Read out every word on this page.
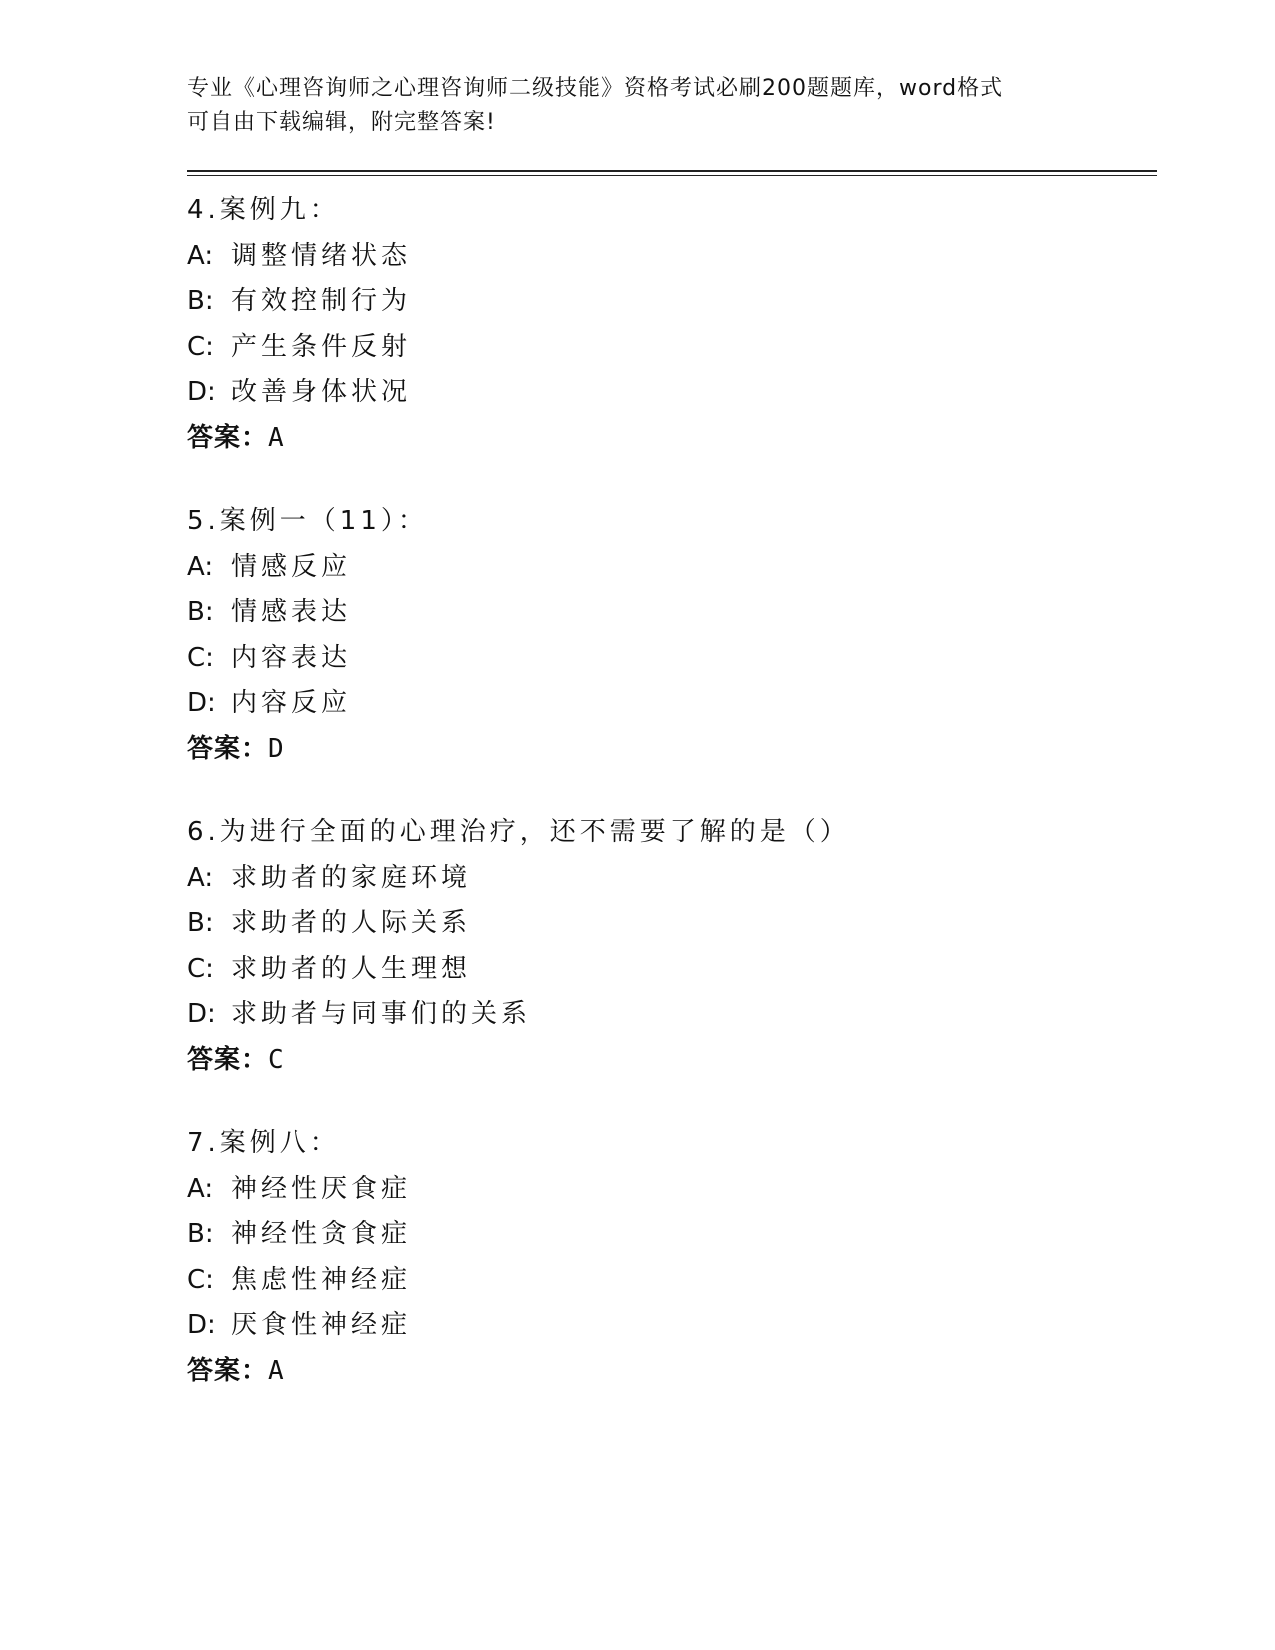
专业《心理咨询师之心理咨询师二级技能》资格考试必刷200题题库，word格式
可自由下载编辑，附完整答案!
4.案例九：
A: 调整情绪状态
B: 有效控制行为
C: 产生条件反射
D: 改善身体状况
答案：A
5.案例一（11）：
A: 情感反应
B: 情感表达
C: 内容表达
D: 内容反应
答案：D
6.为进行全面的心理治疗，还不需要了解的是（）
A: 求助者的家庭环境
B: 求助者的人际关系
C: 求助者的人生理想
D: 求助者与同事们的关系
答案：C
7.案例八：
A: 神经性厌食症
B: 神经性贪食症
C: 焦虑性神经症
D: 厌食性神经症
答案：A
